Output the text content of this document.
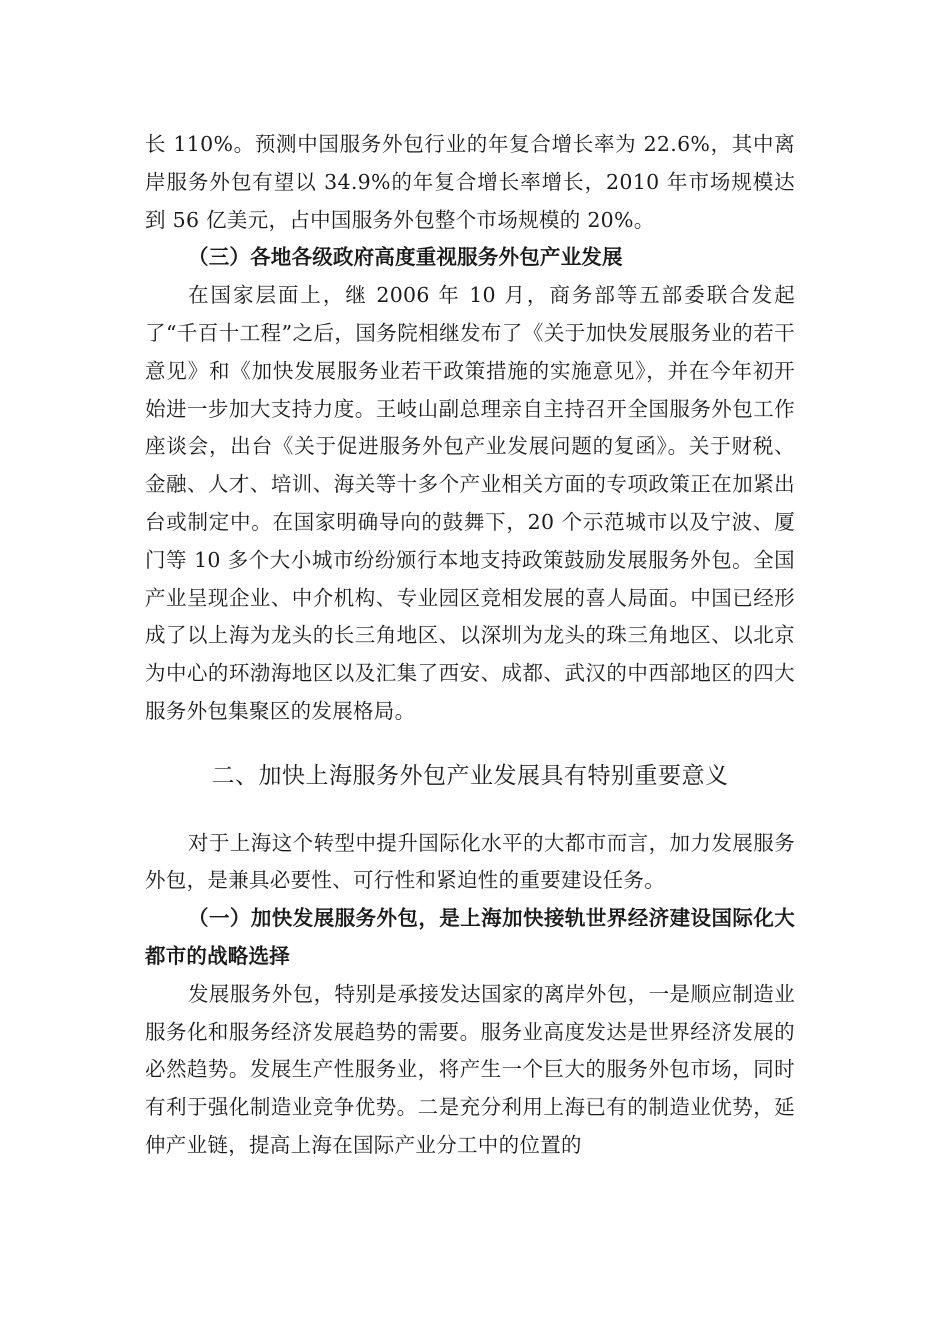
长 110%。预测中国服务外包行业的年复合增长率为 22.6%，其中离岸服务外包有望以 34.9%的年复合增长率增长，2010 年市场规模达到 56 亿美元，占中国服务外包整个市场规模的 20%。

（三）各地各级政府高度重视服务外包产业发展

在国家层面上，继 2006 年 10 月，商务部等五部委联合发起了“千百十工程”之后，国务院相继发布了《关于加快发展服务业的若干意见》和《加快发展服务业若干政策措施的实施意见》，并在今年初开始进一步加大支持力度。王岐山副总理亲自主持召开全国服务外包工作座谈会，出台《关于促进服务外包产业发展问题的复函》。关于财税、金融、人才、培训、海关等十多个产业相关方面的专项政策正在加紧出台或制定中。在国家明确导向的鼓舞下，20 个示范城市以及宁波、厦门等 10 多个大小城市纷纷颁行本地支持政策鼓励发展服务外包。全国产业呈现企业、中介机构、专业园区竞相发展的喜人局面。中国已经形成了以上海为龙头的长三角地区、以深圳为龙头的珠三角地区、以北京为中心的环渤海地区以及汇集了西安、成都、武汉的中西部地区的四大服务外包集聚区的发展格局。

二、加快上海服务外包产业发展具有特别重要意义

对于上海这个转型中提升国际化水平的大都市而言，加力发展服务外包，是兼具必要性、可行性和紧迫性的重要建设任务。

（一）加快发展服务外包，是上海加快接轨世界经济建设国际化大都市的战略选择

发展服务外包，特别是承接发达国家的离岸外包，一是顺应制造业服务化和服务经济发展趋势的需要。服务业高度发达是世界经济发展的必然趋势。发展生产性服务业，将产生一个巨大的服务外包市场，同时有利于强化制造业竞争优势。二是充分利用上海已有的制造业优势，延伸产业链，提高上海在国际产业分工中的位置的
